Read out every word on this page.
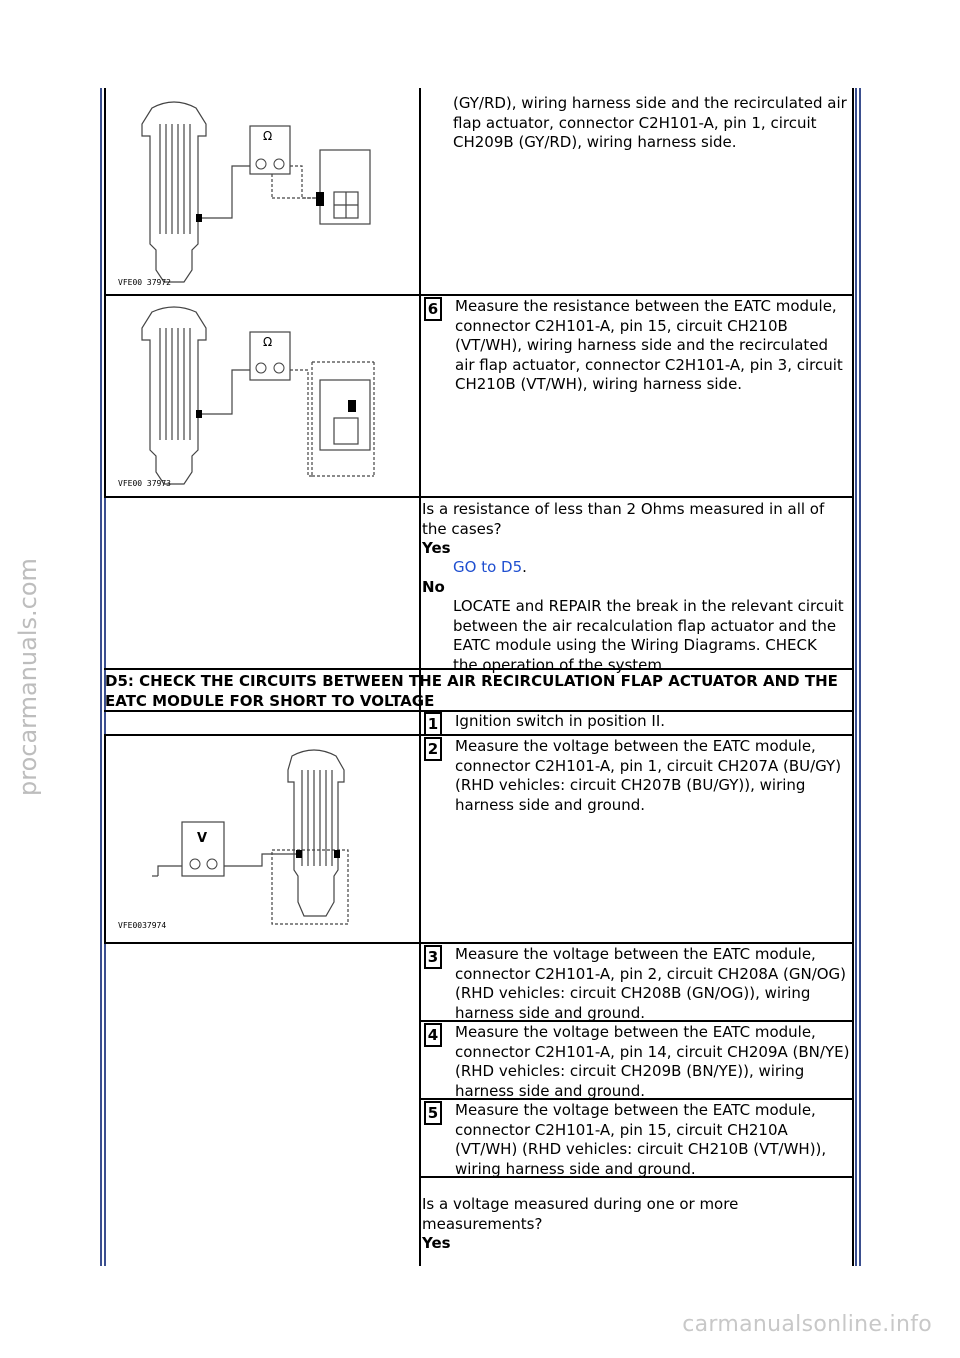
procarmanuals.com
carmanualsonline.info
Ω
VFE00 37972
(GY/RD), wiring harness side and the recirculated air flap actuator, connector C2H101-A, pin 1, circuit CH209B (GY/RD), wiring harness side.
Ω
VFE00 37973
6 Measure the resistance between the EATC module, connector C2H101-A, pin 15, circuit CH210B (VT/WH), wiring harness side and the recirculated air flap actuator, connector C2H101-A, pin 3, circuit CH210B (VT/WH), wiring harness side.
Is a resistance of less than 2 Ohms measured in all of the cases?
Yes
GO to D5.
No
LOCATE and REPAIR the break in the relevant circuit between the air recalculation flap actuator and the EATC module using the Wiring Diagrams. CHECK the operation of the system.
D5: CHECK THE CIRCUITS BETWEEN THE AIR RECIRCULATION FLAP ACTUATOR AND THE EATC MODULE FOR SHORT TO VOLTAGE
1 Ignition switch in position II.
V
VFE0037974
2 Measure the voltage between the EATC module, connector C2H101-A, pin 1, circuit CH207A (BU/GY) (RHD vehicles: circuit CH207B (BU/GY)), wiring harness side and ground.
3 Measure the voltage between the EATC module, connector C2H101-A, pin 2, circuit CH208A (GN/OG) (RHD vehicles: circuit CH208B (GN/OG)), wiring harness side and ground.
4 Measure the voltage between the EATC module, connector C2H101-A, pin 14, circuit CH209A (BN/YE) (RHD vehicles: circuit CH209B (BN/YE)), wiring harness side and ground.
5 Measure the voltage between the EATC module, connector C2H101-A, pin 15, circuit CH210A (VT/WH) (RHD vehicles: circuit CH210B (VT/WH)), wiring harness side and ground.
Is a voltage measured during one or more measurements?
Yes
